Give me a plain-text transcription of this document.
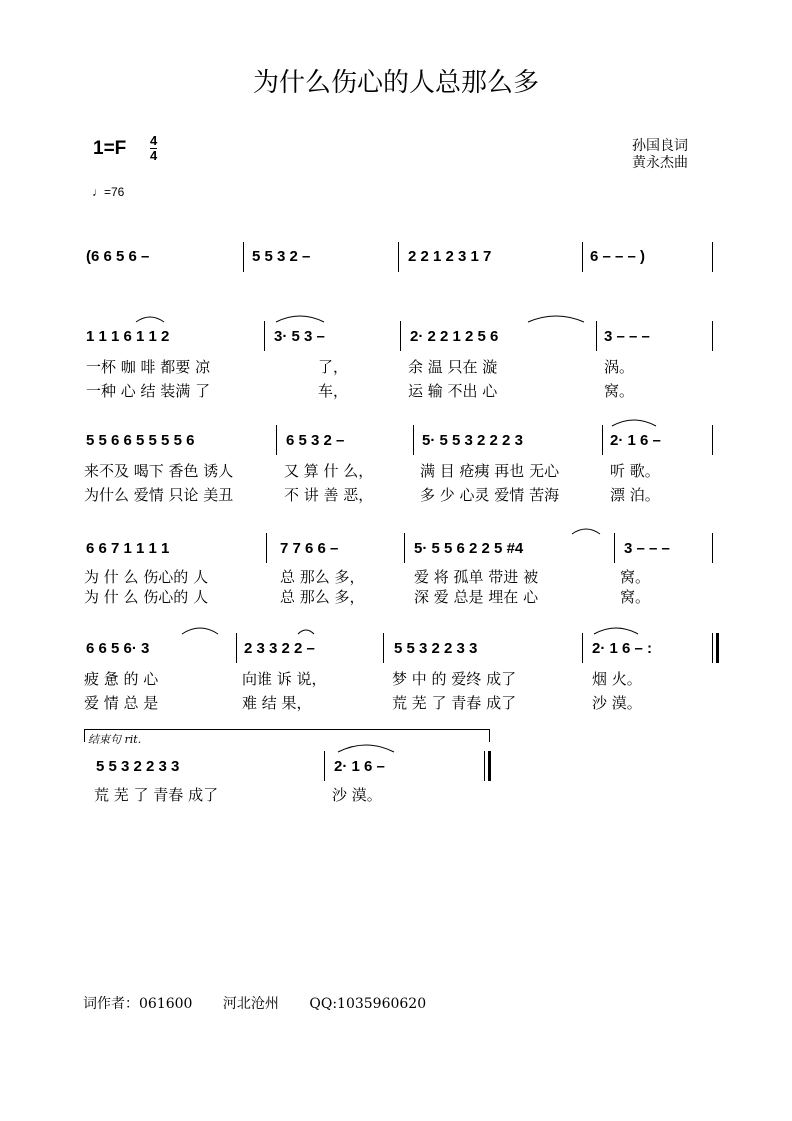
为什么伤心的人总那么多
1=F 4
4
孙国良词
黄永杰曲
♩=76
(6 6 5 6 –	5 5 3 2 –	2 2 1 2 3 1 7	6 – – – )
1 1 1 6 1 1 2	3· 5 3 –	2· 2 2 1 2 5 6	3 – – –
一杯 咖 啡 都要 凉	了，	余 温 只在 漩	涡。
一种 心 结 装满 了	车，	运 输 不出 心	窝。
5 5 6 6 5 5 5 5 6	6 5 3 2 –	5· 5 5 3 2 2 2 3	2· 1 6 –
来不及 喝下 香色 诱人	又 算 什 么，	满 目 疮痍 再也 无心	听 歌。
为什么 爱情 只论 美丑	不 讲 善 恶，	多 少 心灵 爱情 苦海	漂 泊。
6 6 7 1 1 1 1	7 7 6 6 –	5· 5 5 6 2 2 5 #4	3 – – –
为 什 么 伤心的 人	总 那么 多，	爱 将 孤单 带进 被	窝。
为 什 么 伤心的 人	总 那么 多，	深 爱 总是 埋在 心	窝。
6 6 5 6· 3	2 3 3 2 2 –	5 5 3 2 2 3 3	2· 1 6 – :
疲 惫 的 心	向谁 诉 说，	梦 中 的 爱终 成了	烟 火。
爱 情 总 是	难 结 果，	荒 芜 了 青春 成了	沙 漠。
结束句 rit.
5 5 3 2 2 3 3	2· 1 6 –
荒 芜 了 青春 成了	沙 漠。
词作者：061600 河北沧州 QQ:1035960620
